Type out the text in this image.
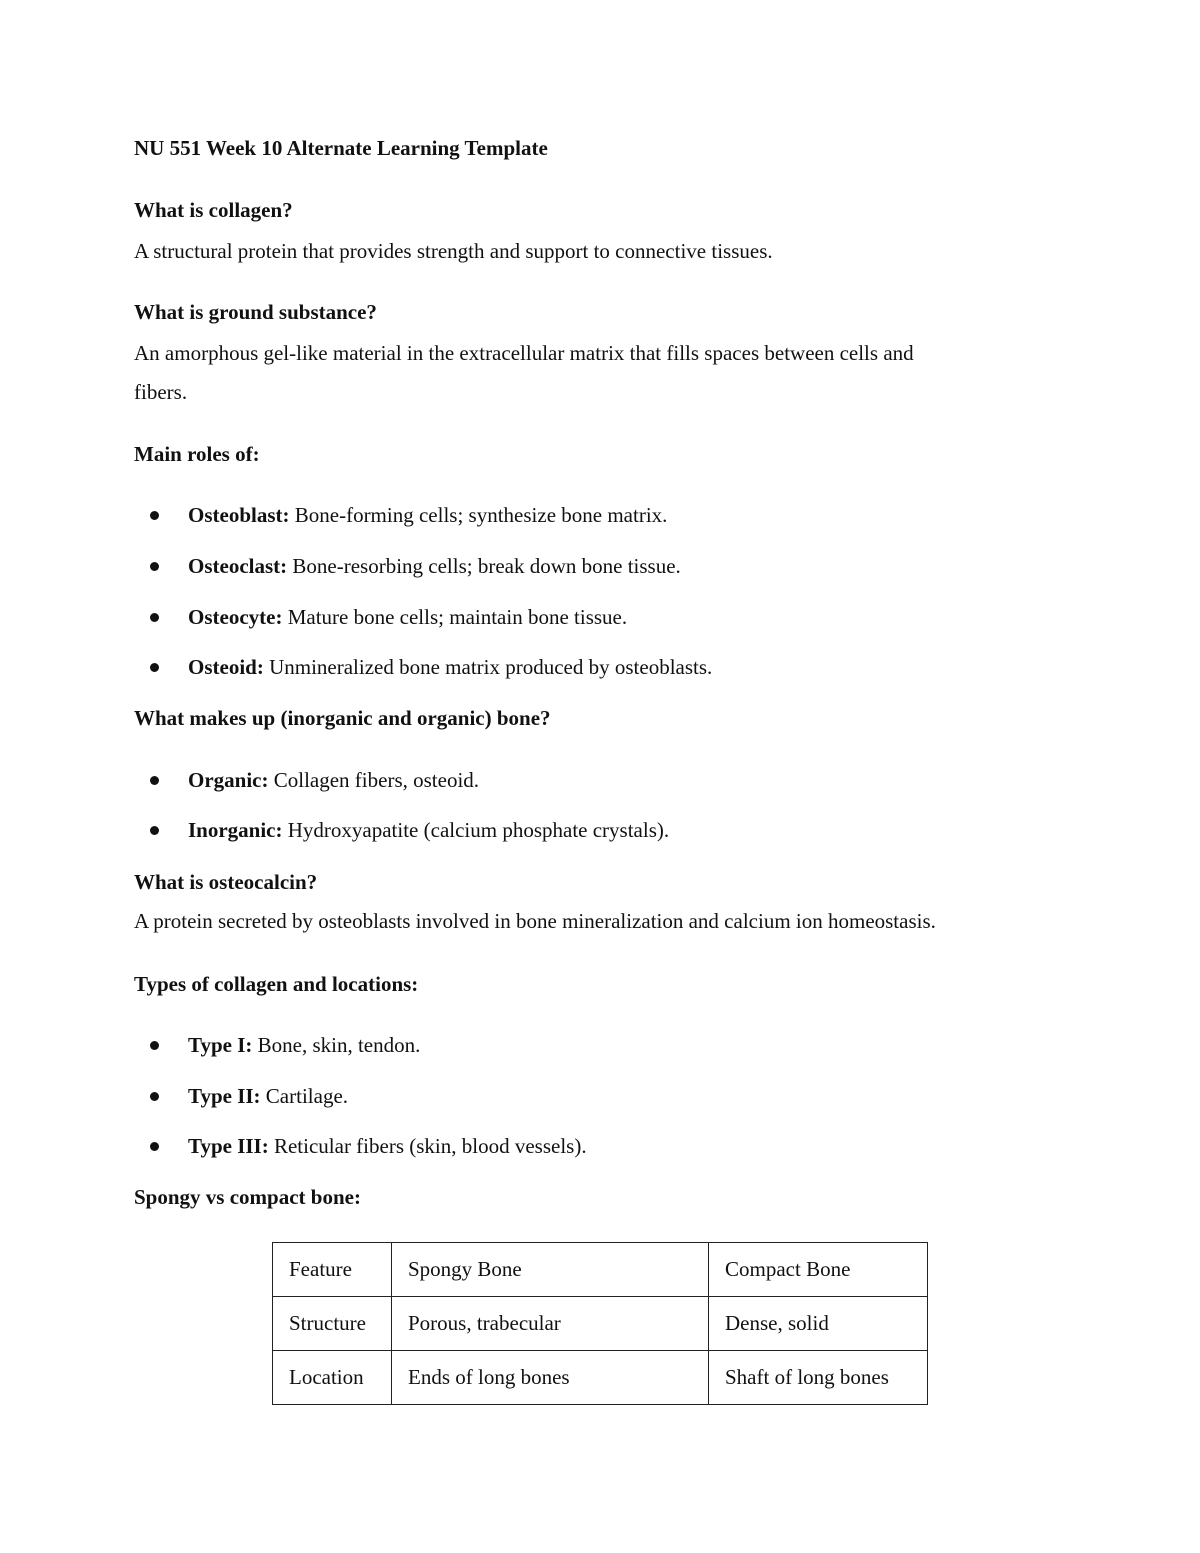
NU 551 Week 10 Alternate Learning Template

What is collagen?

A structural protein that provides strength and support to connective tissues.

What is ground substance?

An amorphous gel-like material in the extracellular matrix that fills spaces between cells and

fibers.

Main roles of:

Osteoblast: Bone-forming cells; synthesize bone matrix.
Osteoclast: Bone-resorbing cells; break down bone tissue.
Osteocyte: Mature bone cells; maintain bone tissue.
Osteoid: Unmineralized bone matrix produced by osteoblasts.

What makes up (inorganic and organic) bone?

Organic: Collagen fibers, osteoid.
Inorganic: Hydroxyapatite (calcium phosphate crystals).

What is osteocalcin?

A protein secreted by osteoblasts involved in bone mineralization and calcium ion homeostasis.

Types of collagen and locations:

Type I: Bone, skin, tendon.
Type II: Cartilage.
Type III: Reticular fibers (skin, blood vessels).

Spongy vs compact bone:

Feature	Spongy Bone	Compact Bone
Structure	Porous, trabecular	Dense, solid
Location	Ends of long bones	Shaft of long bones
